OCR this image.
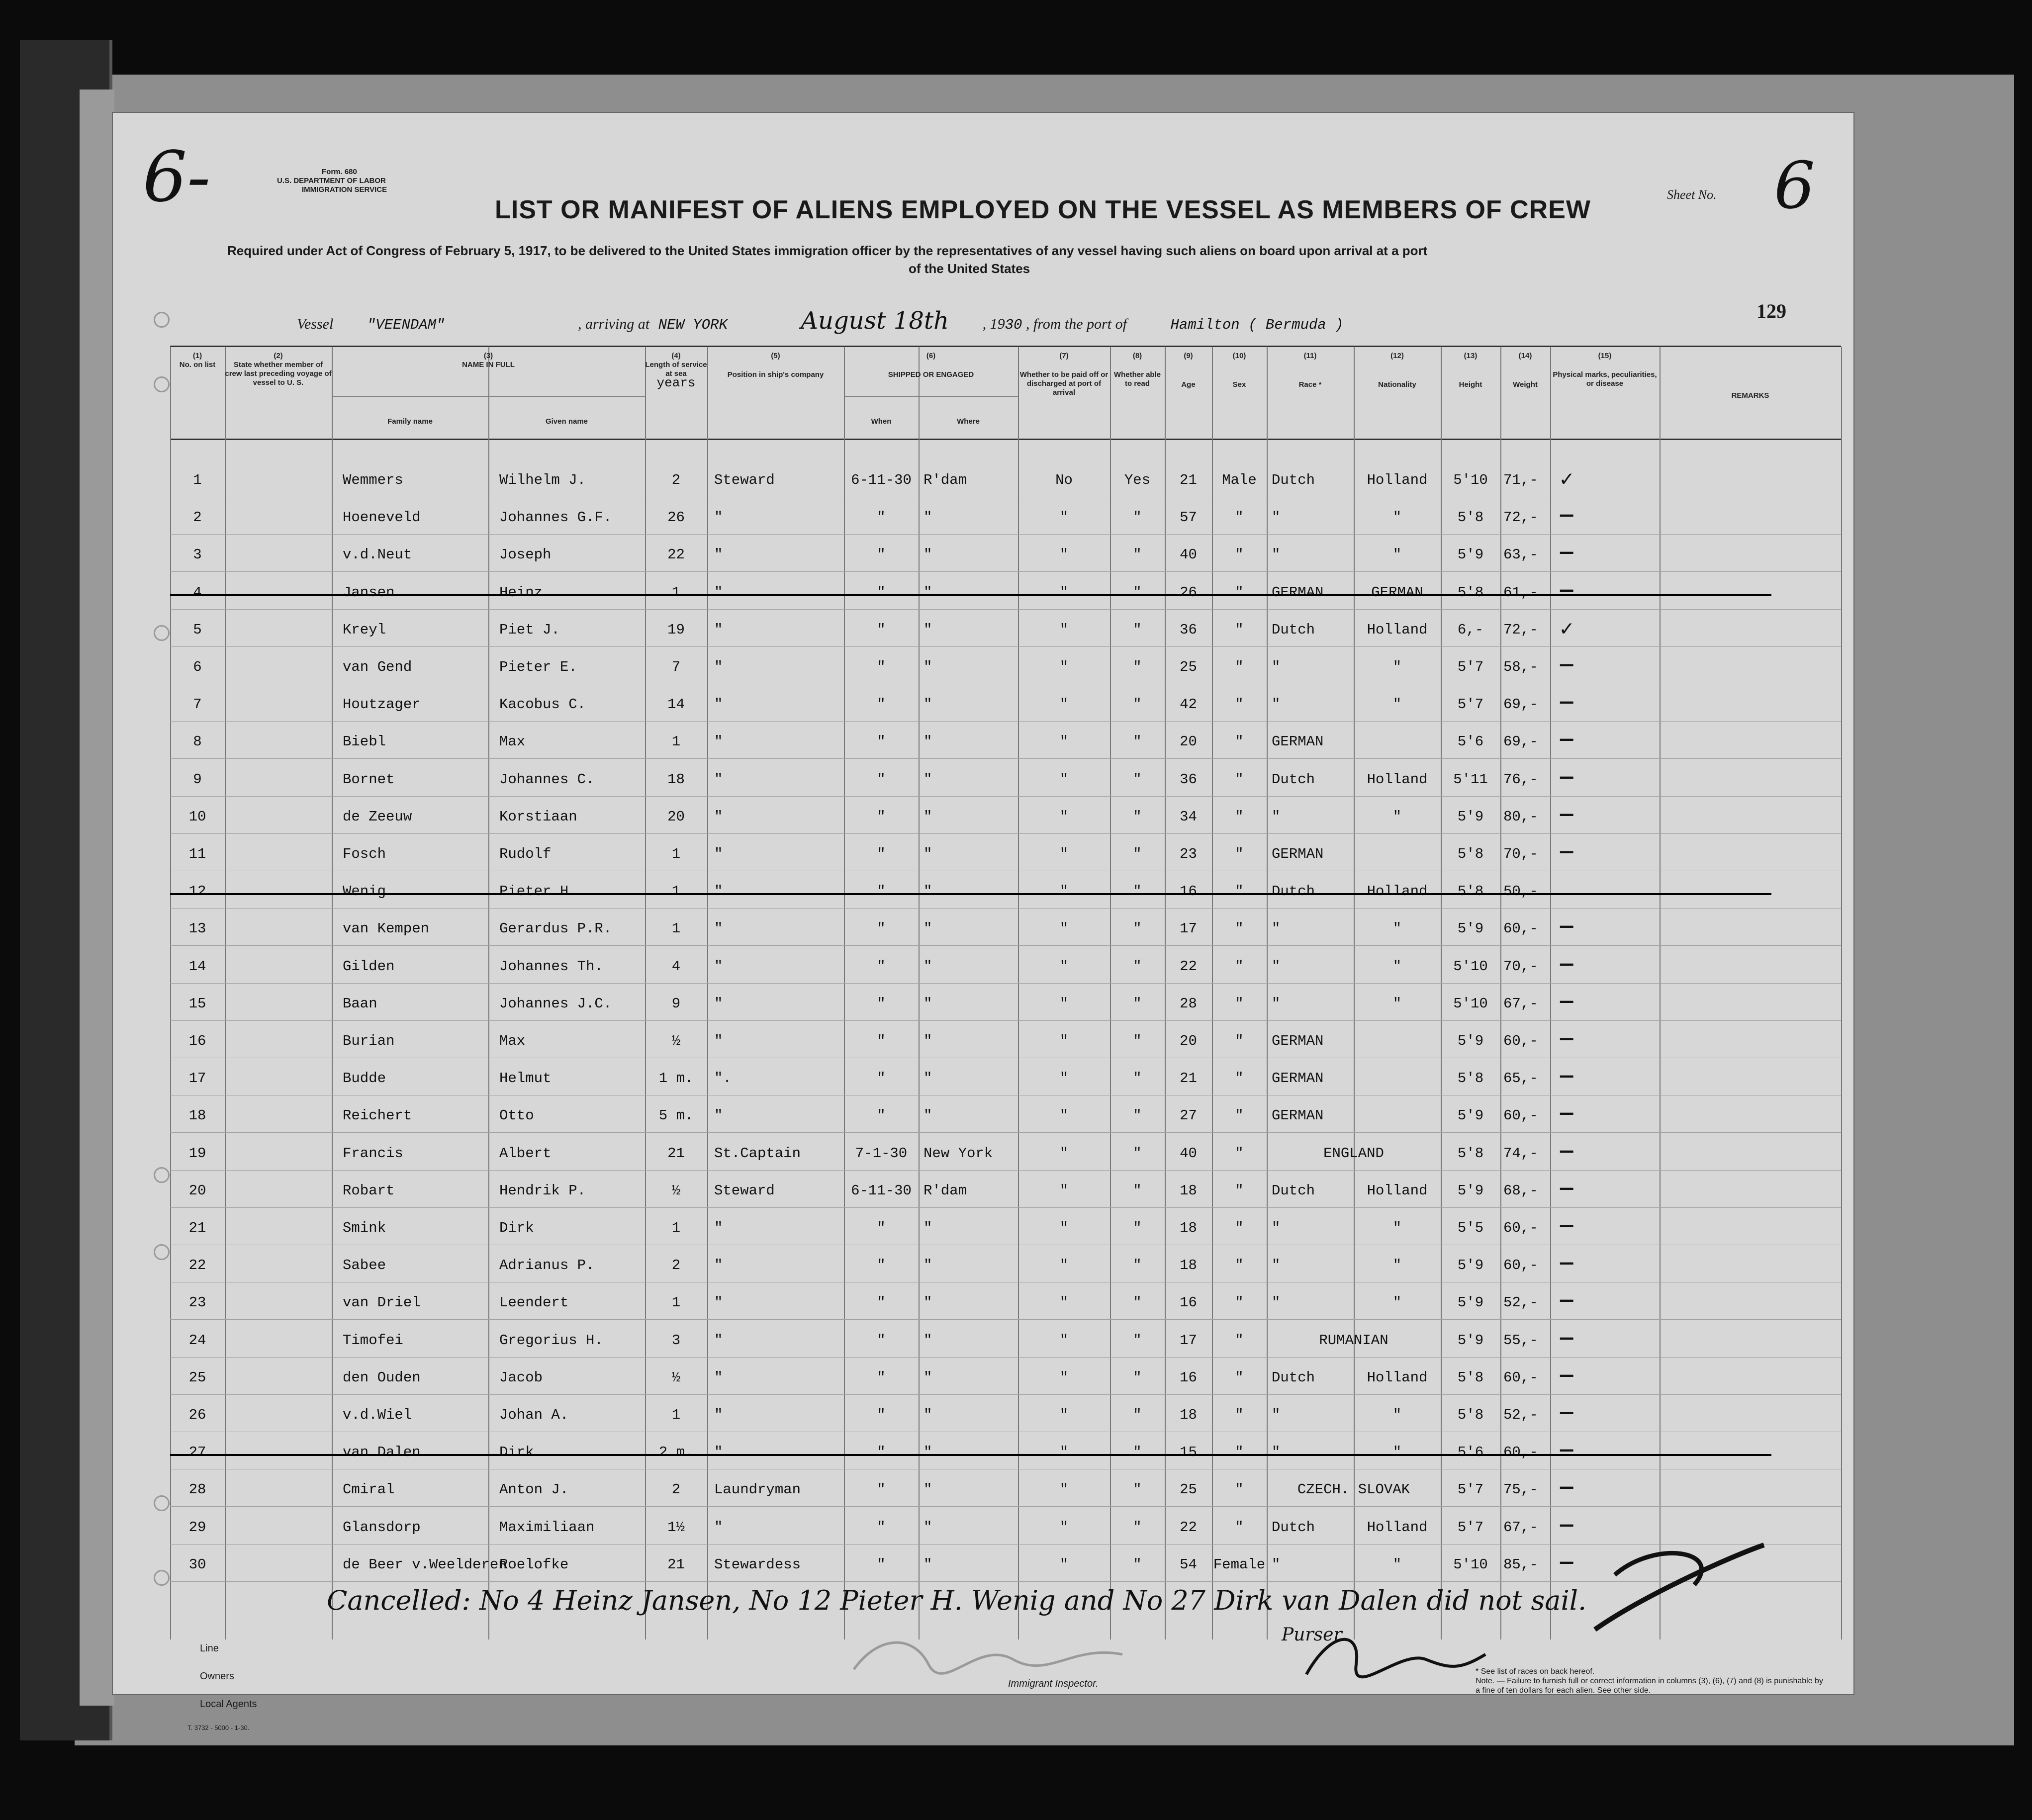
6-	Form. 680
U.S. DEPARTMENT OF LABOR
IMMIGRATION SERVICE	Sheet No. 6
LIST OR MANIFEST OF ALIENS EMPLOYED ON THE VESSEL AS MEMBERS OF CREW
Required under Act of Congress of February 5, 1917, to be delivered to the United States immigration officer by the representatives of any vessel having such aliens on board upon arrival at a port
of the United States
Vessel "VEENDAM"	, arriving at NEW YORK	August 18th , 1930 , from the port of	Hamilton ( Bermuda )
129
(1)
No. on list
(2)
State whether member of crew last preceding voyage of vessel to U. S.
(3)
NAME IN FULL
Family name	Given name
(4)
Length of service at sea
years
(5)
Position in ship's company
(6)
SHIPPED OR ENGAGED
When	Where
(7)
Whether to be paid off or discharged at port of arrival
(8)
Whether able to read
(9)
Age
(10)
Sex
(11)
Race *
(12)
Nationality
(13)
Height
(14)
Weight
(15)
Physical marks, peculiarities, or disease
REMARKS
1	Wemmers	Wilhelm J.	2	Steward	6-11-30 R'dam	No	Yes	21	Male	Dutch	Holland	5'10	71,-	✓
2	Hoeneveld	Johannes G.F.	26	"	"	"	"	"	57	"	"	"	5'8	72,-	—
3	v.d.Neut	Joseph	22	"	"	"	"	"	40	"	"	"	5'9	63,-	—
4	Jansen	Heinz	1	"	"	"	"	"	26	"	GERMAN	GERMAN	5'8	61,-	—
5	Kreyl	Piet J.	19	"	"	"	"	"	36	"	Dutch	Holland	6,-	72,-	✓
6	van Gend	Pieter E.	7	"	"	"	"	"	25	"	"	"	5'7	58,-	—
7	Houtzager	Kacobus C.	14	"	"	"	"	"	42	"	"	"	5'7	69,-	—
8	Biebl	Max	1	"	"	"	"	"	20	"	GERMAN	5'6	69,-	—
9	Bornet	Johannes C.	18	"	"	"	"	"	36	"	Dutch	Holland	5'11	76,-	—
10	de Zeeuw	Korstiaan	20	"	"	"	"	"	34	"	"	"	5'9	80,-	—
11	Fosch	Rudolf	1	"	"	"	"	"	23	"	GERMAN	5'8	70,-	—
12	Wenig	Pieter H.	1	"	"	"	"	"	16	"	Dutch	Holland	5'8	50,-
13	van Kempen	Gerardus P.R.	1	"	"	"	"	"	17	"	"	"	5'9	60,-	—
14	Gilden	Johannes Th.	4	"	"	"	"	"	22	"	"	"	5'10	70,-	—
15	Baan	Johannes J.C.	9	"	"	"	"	"	28	"	"	"	5'10	67,-	—
16	Burian	Max	½	"	"	"	"	"	20	"	GERMAN	5'9	60,-	—
17	Budde	Helmut	1 m.	".	"	"	"	"	21	"	GERMAN	5'8	65,-	—
18	Reichert	Otto	5 m.	"	"	"	"	"	27	"	GERMAN	5'9	60,-	—
19	Francis	Albert	21	St.Captain	7-1-30	New York	"	"	40	"	ENGLAND	5'8	74,-	—
20	Robart	Hendrik P.	½	Steward	6-11-30 R'dam	"	"	18	"	Dutch	Holland	5'9	68,-	—
21	Smink	Dirk	1	"	"	"	"	"	18	"	"	"	5'5	60,-	—
22	Sabee	Adrianus P.	2	"	"	"	"	"	18	"	"	"	5'9	60,-	—
23	van Driel	Leendert	1	"	"	"	"	"	16	"	"	"	5'9	52,-	—
24	Timofei	Gregorius H.	3	"	"	"	"	"	17	"	RUMANIAN	5'9	55,-	—
25	den Ouden	Jacob	½	"	"	"	"	"	16	"	Dutch	Holland	5'8	60,-	—
26	v.d.Wiel	Johan A.	1	"	"	"	"	"	18	"	"	"	5'8	52,-	—
27	van Dalen	Dirk	2 m.	"	"	"	"	"	15	"	"	"	5'6	60,-	—
28	Cmiral	Anton J.	2	Laundryman	"	"	"	"	25	"	CZECH. SLOVAK	5'7	75,-	—
29	Glansdorp	Maximiliaan	1½	"	"	"	"	"	22	"	Dutch	Holland	5'7	67,-	—
30	de Beer v.Weelderen
Roelofke	21	Stewardess	"	"	"	"	54	Female "	"	5'10	85,-	—
Cancelled: No 4 Heinz Jansen, No 12 Pieter H. Wenig and No 27 Dirk van Dalen did not sail.
Purser
Line
Owners
Local Agents
Immigrant Inspector.
* See list of races on back hereof.
Note. — Failure to furnish full or correct information in columns (3), (6), (7) and (8) is punishable by a fine of ten dollars for each alien. See other side.
T. 3732 - 5000 - 1-30.
